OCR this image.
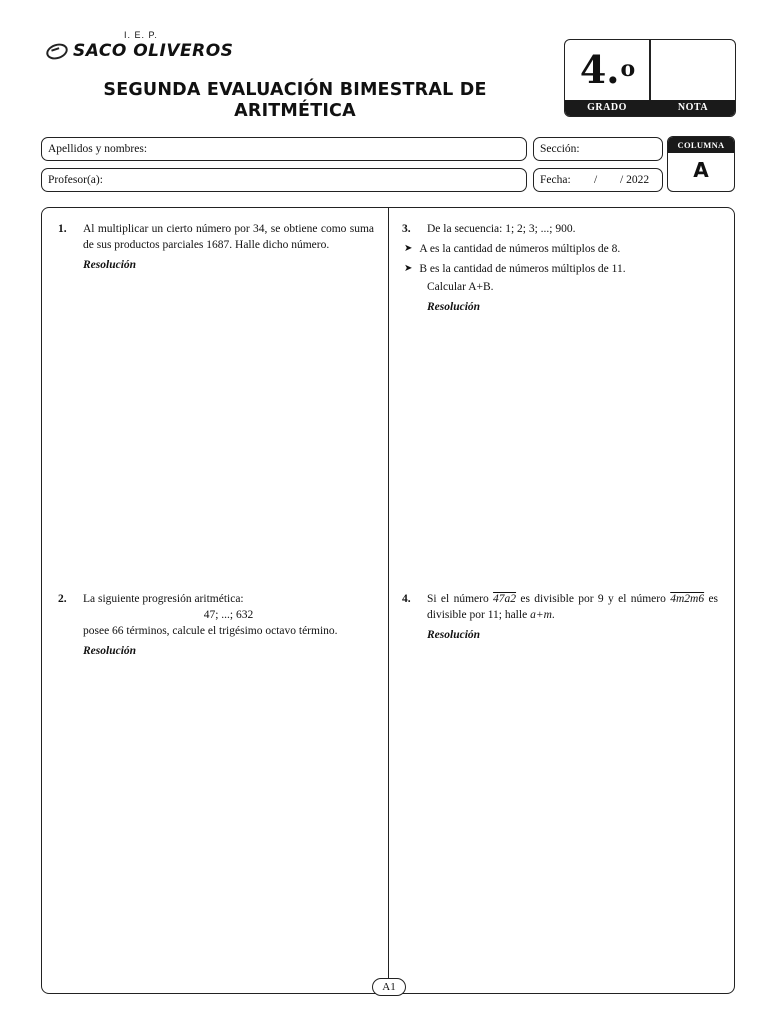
I. E. P.
SACO OLIVEROS
SEGUNDA EVALUACIÓN BIMESTRAL DE ARITMÉTICA
4. o
GRADO	NOTA
Apellidos y nombres:
Profesor(a):
Sección:
Fecha: / / 2022
COLUMNA
A
1. Al multiplicar un cierto número por 34, se obtiene como suma de sus productos parciales 1687. Halle dicho número.
Resolución
2. La siguiente progresión aritmética:
47; ...; 632
posee 66 términos, calcule el trigésimo octavo término.
Resolución
3. De la secuencia: 1; 2; 3; ...; 900.
➤ A es la cantidad de números múltiplos de 8.
➤ B es la cantidad de números múltiplos de 11.
Calcular A+B.
Resolución
4. Si el número 47a2 es divisible por 9 y el número 4m2m6 es divisible por 11; halle a+m.
Resolución
A1
